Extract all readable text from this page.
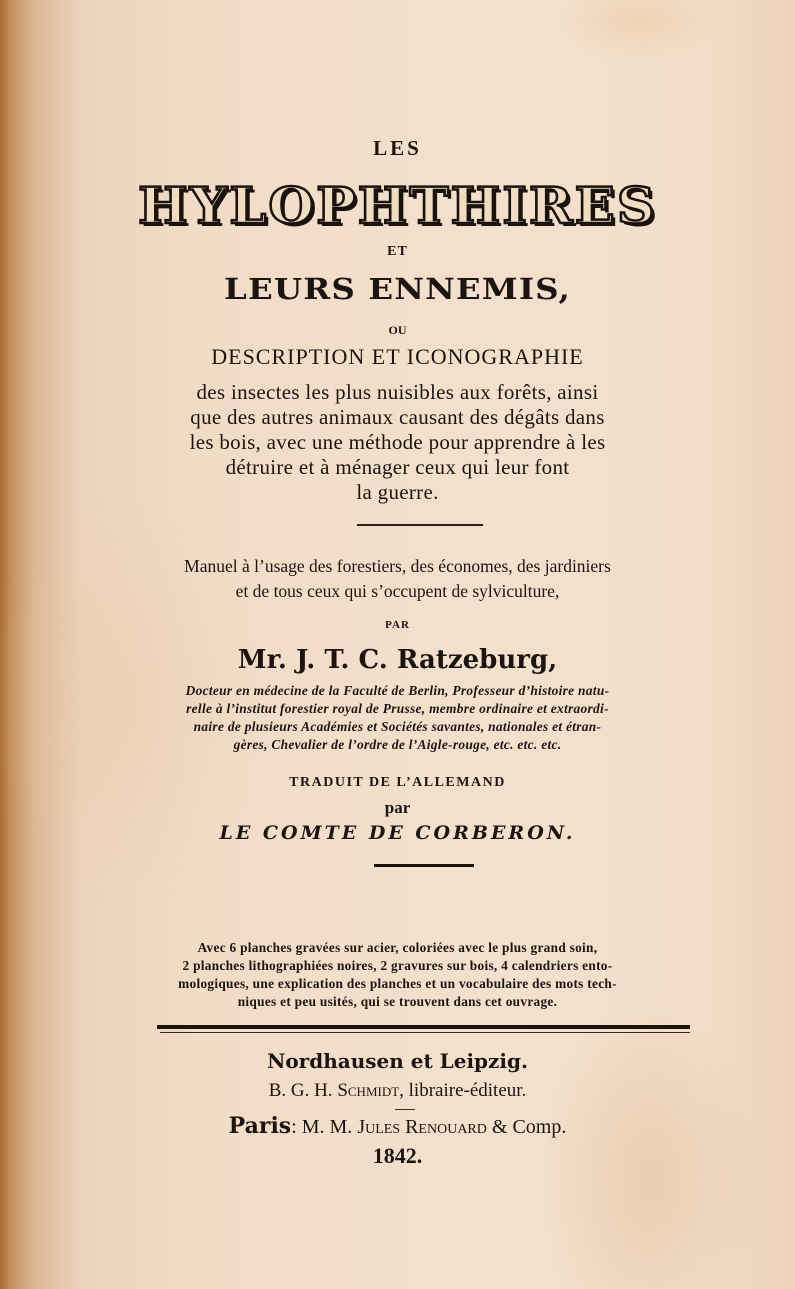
LES
HYLOPHTHIRES
ET
LEURS ENNEMIS,
OU
DESCRIPTION ET ICONOGRAPHIE
des insectes les plus nuisibles aux forêts, ainsi
que des autres animaux causant des dégâts dans
les bois, avec une méthode pour apprendre à les
détruire et à ménager ceux qui leur font
la guerre.
Manuel à l’usage des forestiers, des économes, des jardiniers
et de tous ceux qui s’occupent de sylviculture,
PAR
Mr. J. T. C. Ratzeburg,
Docteur en médecine de la Faculté de Berlin, Professeur d’histoire natu-
relle à l’institut forestier royal de Prusse, membre ordinaire et extraordi-
naire de plusieurs Académies et Sociétés savantes, nationales et étran-
gères, Chevalier de l’ordre de l’Aigle-rouge, etc. etc. etc.
TRADUIT DE L’ALLEMAND
par
LE COMTE DE CORBERON.
Avec 6 planches gravées sur acier, coloriées avec le plus grand soin,
2 planches lithographiées noires, 2 gravures sur bois, 4 calendriers ento-
mologiques, une explication des planches et un vocabulaire des mots tech-
niques et peu usités, qui se trouvent dans cet ouvrage.
Nordhausen et Leipzig.
B. G. H. Schmidt, libraire-éditeur.
Paris: M. M. Jules Renouard & Comp.
1842.
